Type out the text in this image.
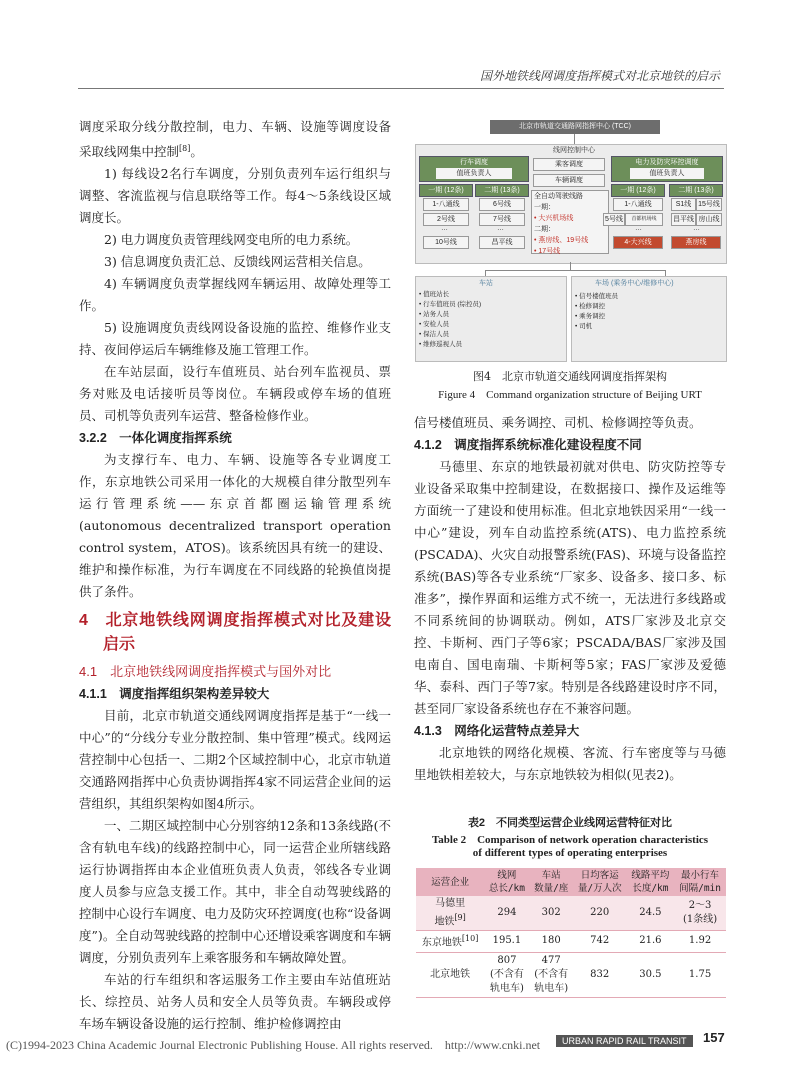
国外地铁线网调度指挥模式对北京地铁的启示

调度采取分线分散控制，电力、车辆、设施等调度设备采取线网集中控制[8]。

1) 每线设2名行车调度，分别负责列车运行组织与调整、客流监视与信息联络等工作。每4～5条线设区域调度长。

2) 电力调度负责管理线网变电所的电力系统。

3) 信息调度负责汇总、反馈线网运营相关信息。

4) 车辆调度负责掌握线网车辆运用、故障处理等工作。

5) 设施调度负责线网设备设施的监控、维修作业支持、夜间停运后车辆维修及施工管理工作。

在车站层面，设行车值班员、站台列车监视员、票务对账及电话接听员等岗位。车辆段或停车场的值班员、司机等负责列车运营、整备检修作业。

3.2.2　一体化调度指挥系统

为支撑行车、电力、车辆、设施等各专业调度工作，东京地铁公司采用一体化的大规模自律分散型列车运行管理系统——东京首都圈运输管理系统(autonomous decentralized transport operation control system，ATOS)。该系统因具有统一的建设、维护和操作标准，为行车调度在不同线路的轮换值岗提供了条件。

4　北京地铁线网调度指挥模式对比及建设启示

4.1　北京地铁线网调度指挥模式与国外对比

4.1.1　调度指挥组织架构差异较大

目前，北京市轨道交通线网调度指挥是基于“一线一中心”的“分线分专业分散控制、集中管理”模式。线网运营控制中心包括一、二期2个区域控制中心，北京市轨道交通路网指挥中心负责协调指挥4家不同运营企业间的运营组织，其组织架构如图4所示。

一、二期区域控制中心分别容纳12条和13条线路(不含有轨电车线)的线路控制中心，同一运营企业所辖线路运行协调指挥由本企业值班负责人负责，邻线各专业调度人员参与应急支援工作。其中，非全自动驾驶线路的控制中心设行车调度、电力及防灾环控调度(也称“设备调度”)。全自动驾驶线路的控制中心还增设乘客调度和车辆调度，分别负责列车上乘客服务和车辆故障处置。

车站的行车组织和客运服务工作主要由车站值班站长、综控员、站务人员和安全人员等负责。车辆段或停车场车辆设备设施的运行控制、维护检修调控由

北京市轨道交通路网指挥中心 (TCC)
线网控制中心
行车调度
值班负责人
一期 (12条)	二期 (13条)
1-八通线
2号线
…
10号线
6号线
7号线
…
昌平线
乘客调度
车辆调度
全自动驾驶线路
一期：
• 大兴机场线
二期：
• 燕房线、19号线
• 17号线
电力及防灾环控调度
值班负责人
一期 (12条)	二期 (13条)
1-八通线	S1线 15号线
5号线	首都机场线	昌平线 房山线
…	…
4-大兴线	燕房线
车站
• 值班站长
• 行车值班员 (综控员)
• 站务人员
• 安检人员
• 保洁人员
• 维修巡视人员
车场 (乘务中心/维修中心)
• 信号楼值班员
• 检修调控
• 乘务调控
• 司机
图4　北京市轨道交通线网调度指挥架构
Figure 4　Command organization structure of Beijing URT

信号楼值班员、乘务调控、司机、检修调控等负责。

4.1.2　调度指挥系统标准化建设程度不同

马德里、东京的地铁最初就对供电、防灾防控等专业设备采取集中控制建设，在数据接口、操作及运维等方面统一了建设和使用标准。但北京地铁因采用“一线一中心”建设，列车自动监控系统(ATS)、电力监控系统(PSCADA)、火灾自动报警系统(FAS)、环境与设备监控系统(BAS)等各专业系统“厂家多、设备多、接口多、标准多”，操作界面和运维方式不统一，无法进行多线路或不同系统间的协调联动。例如，ATS厂家涉及北京交控、卡斯柯、西门子等6家；PSCADA/BAS厂家涉及国电南自、国电南瑞、卡斯柯等5家；FAS厂家涉及爱德华、泰科、西门子等7家。特别是各线路建设时序不同，甚至同厂家设备系统也存在不兼容问题。

4.1.3　网络化运营特点差异大

北京地铁的网络化规模、客流、行车密度等与马德里地铁相差较大，与东京地铁较为相似(见表2)。

表2　不同类型运营企业线网运营特征对比
Table 2　Comparison of network operation characteristics
of different types of operating enterprises
运营企业	线网
总长/km	车站
数量/座	日均客运
量/万人次	线路平均
长度/km	最小行车
间隔/min
马德里
地铁[9]	294	302	220	24.5	2～3
(1条线)
东京地铁[10]	195.1	180	742	21.6	1.92
北京地铁	807
(不含有
轨电车)	477
(不含有
轨电车)	832	30.5	1.75
URBAN RAPID RAIL TRANSIT	157
(C)1994-2023 China Academic Journal Electronic Publishing House. All rights reserved.　http://www.cnki.net
